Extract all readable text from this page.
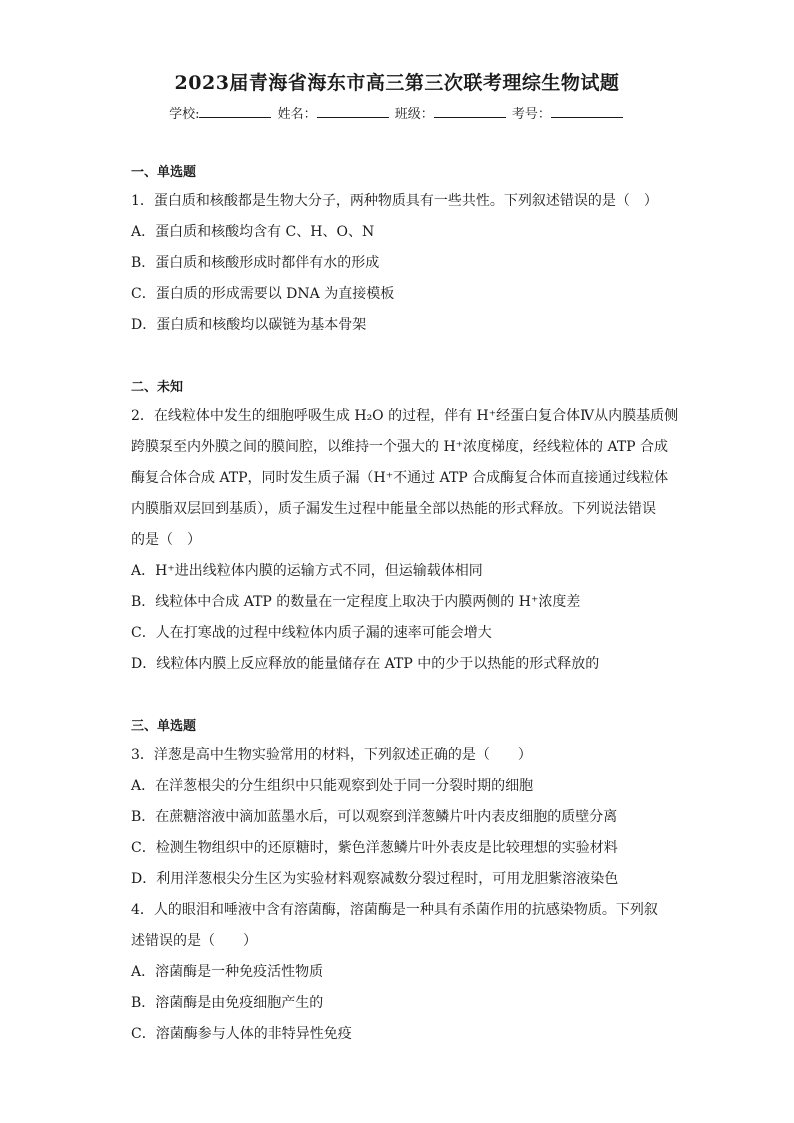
2023届青海省海东市高三第三次联考理综生物试题
学校:	姓名：	班级：	考号：
一、单选题
1．蛋白质和核酸都是生物大分子，两种物质具有一些共性。下列叙述错误的是（　）
A．蛋白质和核酸均含有 C、H、O、N
B．蛋白质和核酸形成时都伴有水的形成
C．蛋白质的形成需要以 DNA 为直接模板
D．蛋白质和核酸均以碳链为基本骨架
二、未知
2．在线粒体中发生的细胞呼吸生成 H₂O 的过程，伴有 H⁺经蛋白复合体Ⅳ从内膜基质侧
跨膜泵至内外膜之间的膜间腔，以维持一个强大的 H⁺浓度梯度，经线粒体的 ATP 合成
酶复合体合成 ATP，同时发生质子漏（H⁺不通过 ATP 合成酶复合体而直接通过线粒体
内膜脂双层回到基质），质子漏发生过程中能量全部以热能的形式释放。下列说法错误
的是（　）
A．H⁺进出线粒体内膜的运输方式不同，但运输载体相同
B．线粒体中合成 ATP 的数量在一定程度上取决于内膜两侧的 H⁺浓度差
C．人在打寒战的过程中线粒体内质子漏的速率可能会增大
D．线粒体内膜上反应释放的能量储存在 ATP 中的少于以热能的形式释放的
三、单选题
3．洋葱是高中生物实验常用的材料，下列叙述正确的是（　　）
A．在洋葱根尖的分生组织中只能观察到处于同一分裂时期的细胞
B．在蔗糖溶液中滴加蓝墨水后，可以观察到洋葱鳞片叶内表皮细胞的质壁分离
C．检测生物组织中的还原糖时，紫色洋葱鳞片叶外表皮是比较理想的实验材料
D．利用洋葱根尖分生区为实验材料观察减数分裂过程时，可用龙胆紫溶液染色
4．人的眼泪和唾液中含有溶菌酶，溶菌酶是一种具有杀菌作用的抗感染物质。下列叙
述错误的是（　　）
A．溶菌酶是一种免疫活性物质
B．溶菌酶是由免疫细胞产生的
C．溶菌酶参与人体的非特异性免疫
